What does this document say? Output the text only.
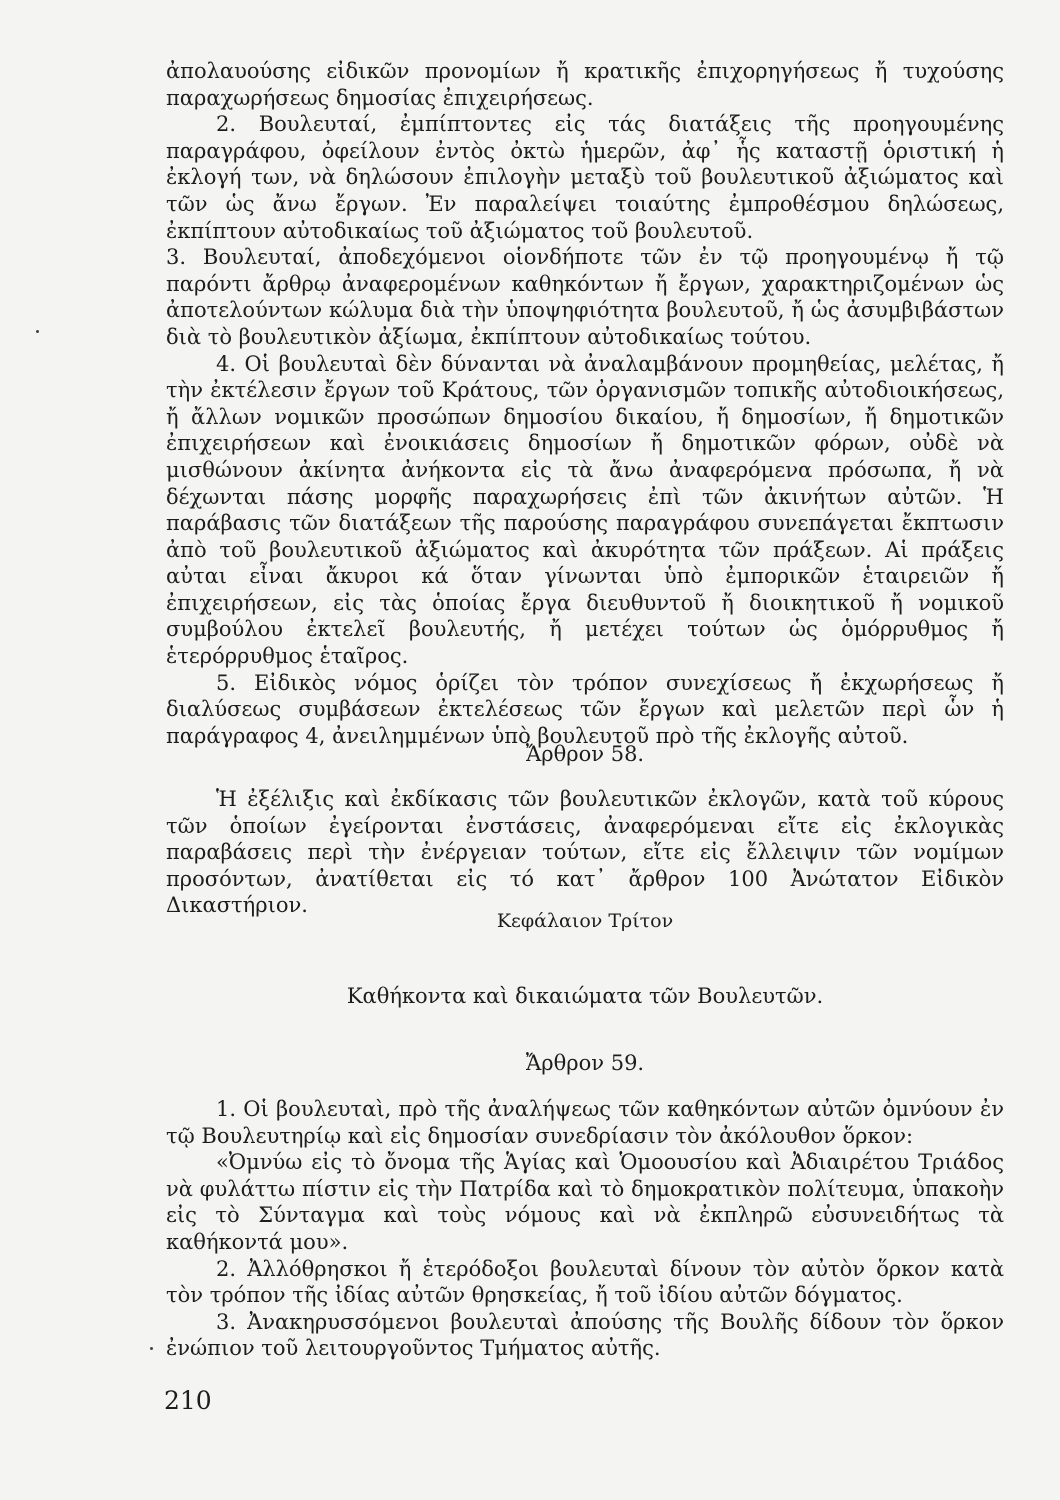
ἀπολαυούσης εἰδικῶν προνομίων ἤ κρατικῆς ἐπιχορηγήσεως ἤ τυχούσης παραχωρήσεως δημοσίας ἐπιχειρήσεως.

2. Βουλευταί, ἐμπίπτοντες εἰς τάς διατάξεις τῆς προηγουμένης παραγράφου, ὀφείλουν ἐντὸς ὀκτὼ ἡμερῶν, ἀφ᾽ ἧς καταστῇ ὁριστική ἡ ἐκλογή των, νὰ δηλώσουν ἐπιλογὴν μεταξὺ τοῦ βουλευτικοῦ ἀξιώματος καὶ τῶν ὡς ἄνω ἔργων. Ἐν παραλείψει τοιαύτης ἐμπροθέσμου δηλώσεως, ἐκπίπτουν αὐτοδικαίως τοῦ ἀξιώματος τοῦ βουλευτοῦ.

3. Βουλευταί, ἀποδεχόμενοι οἱονδήποτε τῶν ἐν τῷ προηγουμένῳ ἤ τῷ παρόντι ἄρθρῳ ἀναφερομένων καθηκόντων ἤ ἔργων, χαρακτηριζομένων ὡς ἀποτελούντων κώλυμα διὰ τὴν ὑποψηφιότητα βουλευτοῦ, ἤ ὡς ἀσυμβιβάστων διὰ τὸ βουλευτικὸν ἀξίωμα, ἐκπίπτουν αὐτοδικαίως τούτου.

4. Οἱ βουλευταὶ δὲν δύνανται νὰ ἀναλαμβάνουν προμηθείας, μελέτας, ἤ τὴν ἐκτέλεσιν ἔργων τοῦ Κράτους, τῶν ὀργανισμῶν τοπικῆς αὐτοδιοικήσεως, ἤ ἄλλων νομικῶν προσώπων δημοσίου δικαίου, ἤ δημοσίων, ἤ δημοτικῶν ἐπιχειρήσεων καὶ ἐνοικιάσεις δημοσίων ἤ δημοτικῶν φόρων, οὐδὲ νὰ μισθώνουν ἀκίνητα ἀνήκοντα εἰς τὰ ἄνω ἀναφερόμενα πρόσωπα, ἤ νὰ δέχωνται πάσης μορφῆς παραχωρήσεις ἐπὶ τῶν ἀκινήτων αὐτῶν. Ἡ παράβασις τῶν διατάξεων τῆς παρούσης παραγράφου συνεπάγεται ἔκπτωσιν ἀπὸ τοῦ βουλευτικοῦ ἀξιώματος καὶ ἀκυρότητα τῶν πράξεων. Αἱ πράξεις αὐται εἶναι ἄκυροι κά ὅταν γίνωνται ὑπὸ ἐμπορικῶν ἑταιρειῶν ἤ ἐπιχειρήσεων, εἰς τὰς ὁποίας ἔργα διευθυντοῦ ἤ διοικητικοῦ ἤ νομικοῦ συμβούλου ἐκτελεῖ βουλευτής, ἤ μετέχει τούτων ὡς ὁμόρρυθμος ἤ ἑτερόρρυθμος ἑταῖρος.

5. Εἰδικὸς νόμος ὁρίζει τὸν τρόπον συνεχίσεως ἤ ἐκχωρήσεως ἤ διαλύσεως συμβάσεων ἐκτελέσεως τῶν ἔργων καὶ μελετῶν περὶ ὧν ἡ παράγραφος 4, ἀνειλημμένων ὑπὸ βουλευτοῦ πρὸ τῆς ἐκλογῆς αὐτοῦ.

Ἄρθρον 58.

Ἡ ἐξέλιξις καὶ ἐκδίκασις τῶν βουλευτικῶν ἐκλογῶν, κατὰ τοῦ κύρους τῶν ὁποίων ἐγείρονται ἐνστάσεις, ἀναφερόμεναι εἴτε εἰς ἐκλογικὰς παραβάσεις περὶ τὴν ἐνέργειαν τούτων, εἴτε εἰς ἔλλειψιν τῶν νομίμων προσόντων, ἀνατίθεται εἰς τό κατ᾽ ἄρθρον 100 Ἀνώτατον Εἰδικὸν Δικαστήριον.

Κεφάλαιον Τρίτον
Καθήκοντα καὶ δικαιώματα τῶν Βουλευτῶν.
Ἄρθρον 59.

1. Οἱ βουλευταὶ, πρὸ τῆς ἀναλήψεως τῶν καθηκόντων αὐτῶν ὀμνύουν ἐν τῷ Βουλευτηρίῳ καὶ εἰς δημοσίαν συνεδρίασιν τὸν ἀκόλουθον ὅρκον:

«Ὀμνύω εἰς τὸ ὄνομα τῆς Ἁγίας καὶ Ὁμοουσίου καὶ Ἀδιαιρέτου Τριάδος νὰ φυλάττω πίστιν εἰς τὴν Πατρίδα καὶ τὸ δημοκρατικὸν πολίτευμα, ὑπακοὴν εἰς τὸ Σύνταγμα καὶ τοὺς νόμους καὶ νὰ ἐκπληρῶ εὐσυνειδήτως τὰ καθήκοντά μου».

2. Ἀλλόθρησκοι ἤ ἑτερόδοξοι βουλευταὶ δίνουν τὸν αὐτὸν ὅρκον κατὰ τὸν τρόπον τῆς ἰδίας αὐτῶν θρησκείας, ἤ τοῦ ἰδίου αὐτῶν δόγματος.

3. Ἀνακηρυσσόμενοι βουλευταὶ ἀπούσης τῆς Βουλῆς δίδουν τὸν ὅρκον ἐνώπιον τοῦ λειτουργοῦντος Τμήματος αὐτῆς.

210
